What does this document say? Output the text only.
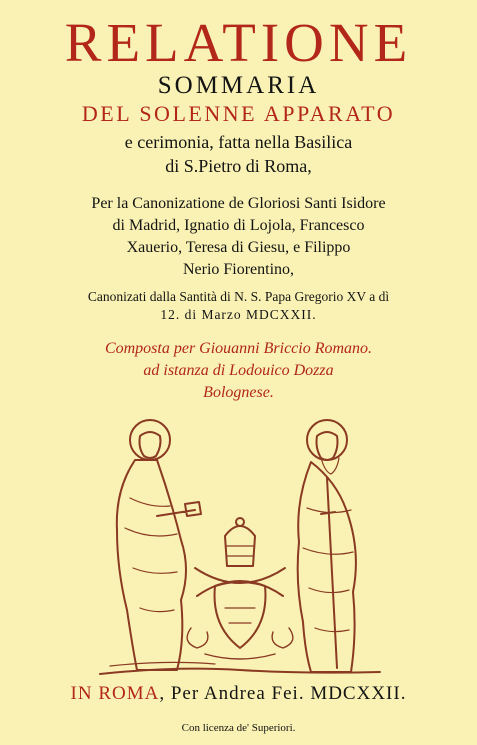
RELATIONE
SOMMARIA
DEL SOLENNE APPARATO
e cerimonia, fatta nella Basilica
di S.Pietro di Roma,
Per la Canonizatione de Gloriosi Santi Isidore
di Madrid, Ignatio di Lojola, Francesco
Xauerio, Teresa di Giesu, e Filippo
Nerio Fiorentino,
Canonizati dalla Santità di N. S. Papa Gregorio XV a dì
12. di Marzo MDCXXII.
Composta per Giouanni Briccio Romano.
ad istanza di Lodouico Dozza
Bolognese.
IN ROMA, Per Andrea Fei. MDCXXII.
Con licenza de' Superiori.
